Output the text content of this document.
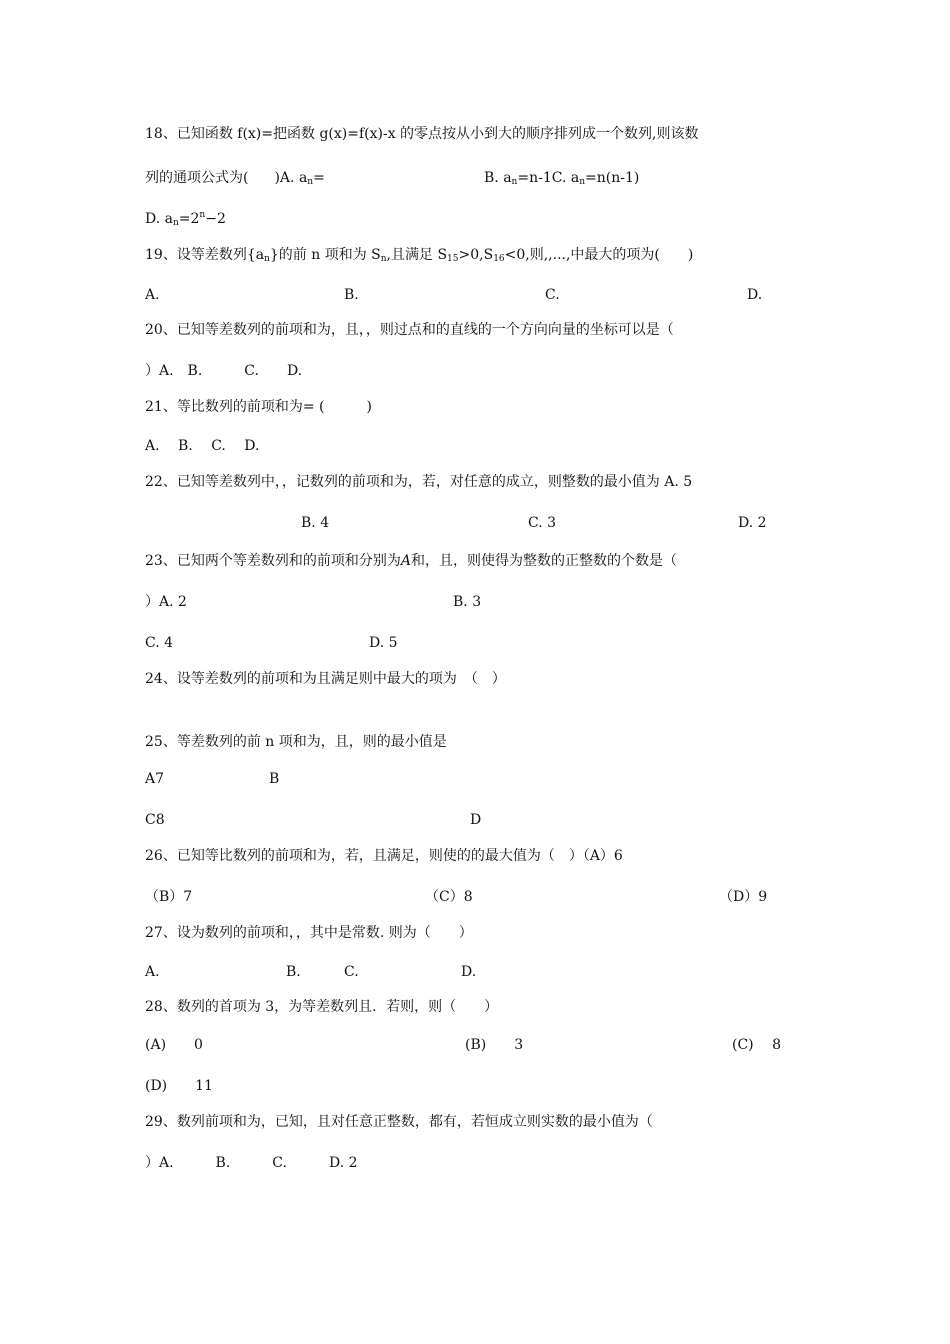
18、已知函数 f(x)=把函数 g(x)=f(x)-x 的零点按从小到大的顺序排列成一个数列,则该数
列的通项公式为( )A. $a_n=$	B. $a_n=n-1C$. $a_n=n(n-1)$
D. $a_n=2^n-2$
19、设等差数列$\{a_n\}$的前 n 项和为 $S_n$,且满足 $S_{15}>0,S_{16}<0$,则,,...,中最大的项为(　　)
A.	B.	C.	D.
20、已知等差数列的前项和为，且，，则过点和的直线的一个方向向量的坐标可以是（
）A.　B.　　　C.　　D.
21、等比数列的前项和为= (　　　)
A.　 B.　 C.　 D.
22、已知等差数列中，，记数列的前项和为，若，对任意的成立，则整数的最小值为 A. 5
B. 4	C. 3	D. 2
23、已知两个等差数列和的前项和分别为A和，且，则使得为整数的正整数的个数是（
）A. 2	B. 3
C. 4	D. 5
24、设等差数列的前项和为且满足则中最大的项为　（　）
25、等差数列的前 n 项和为，且，则的最小值是
A7	B
C8	D
26、已知等比数列的前项和为，若，且满足，则使的的最大值为（　）（A）6
（B）7	（C）8	（D）9
27、设为数列的前项和，，其中是常数. 则为（　　）
A.	B.	C.	D.
28、数列的首项为 3，为等差数列且．若则，则（　　）
(A)　　0	(B)　　3	(C)　 8
(D)　　11
29、数列前项和为，已知，且对任意正整数，都有，若恒成立则实数的最小值为（
）A.　　　B.　　　C.　　　D. 2
